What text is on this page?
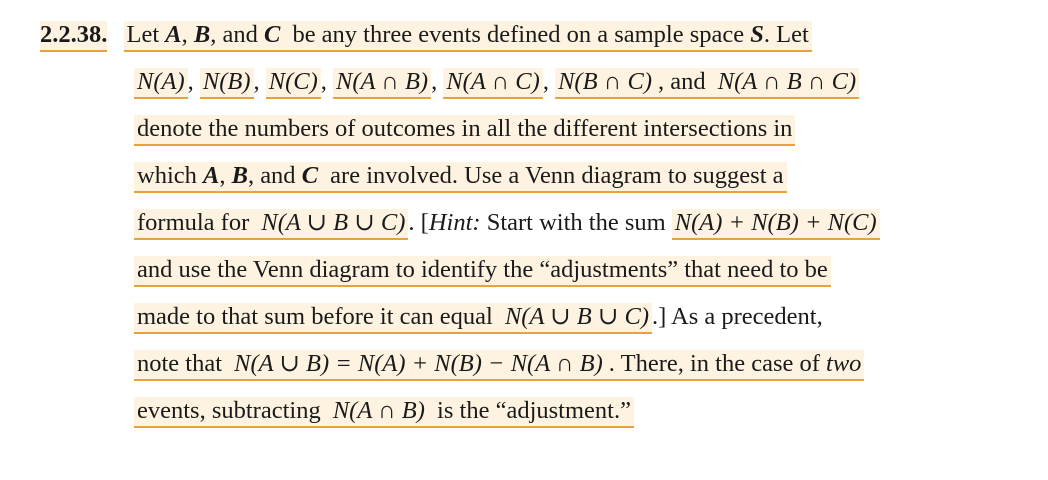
2.2.38. Let A, B, and C be any three events defined on a sample space S. Let
N(A) , N(B) , N(C) , N(A ∩ B) , N(A ∩ C) , N(B ∩ C) , and N(A ∩ B ∩ C)
denote the numbers of outcomes in all the different intersections in
which A, B, and C are involved. Use a Venn diagram to suggest a
formula for N(A ∪ B ∪ C) . [Hint: Start with the sum N(A) + N(B) + N(C)
and use the Venn diagram to identify the “adjustments” that need to be
made to that sum before it can equal N(A ∪ B ∪ C) .] As a precedent,
note that N(A ∪ B) = N(A) + N(B) − N(A ∩ B) . There, in the case of two
events, subtracting N(A ∩ B) is the “adjustment.”
